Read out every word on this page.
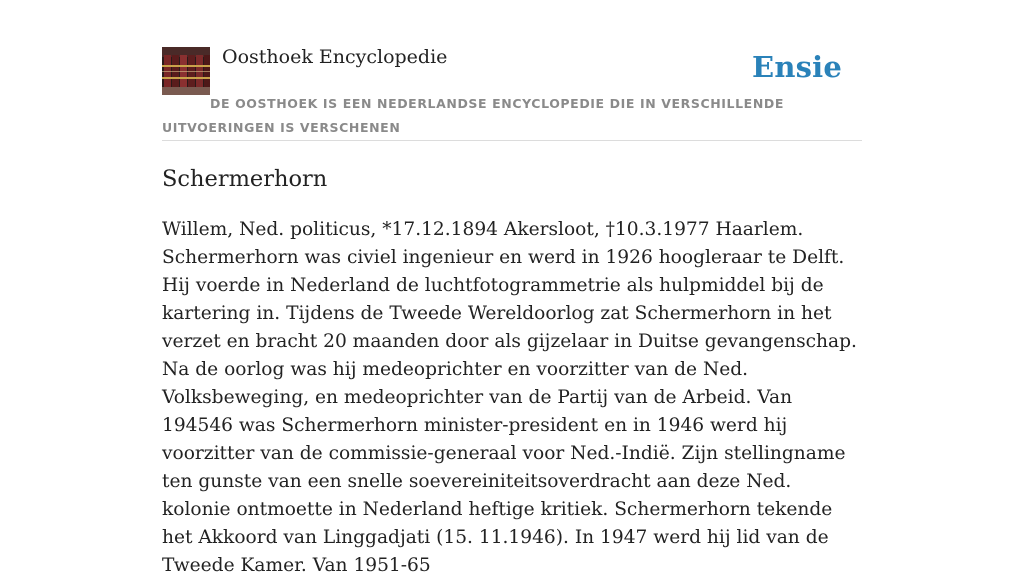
Oosthoek Encyclopedie	Ensie
DE OOSTHOEK IS EEN NEDERLANDSE ENCYCLOPEDIE DIE IN VERSCHILLENDE UITVOERINGEN IS VERSCHENEN
Schermerhorn

Willem, Ned. politicus, *17.12.1894 Akersloot, †10.3.1977 Haarlem. Schermerhorn was civiel ingenieur en werd in 1926 hoogleraar te Delft. Hij voerde in Nederland de luchtfotogrammetrie als hulpmiddel bij de kartering in. Tijdens de Tweede Wereldoorlog zat Schermerhorn in het verzet en bracht 20 maanden door als gijzelaar in Duitse gevangenschap. Na de oorlog was hij medeoprichter en voorzitter van de Ned. Volksbeweging, en medeoprichter van de Partij van de Arbeid. Van 194546 was Schermerhorn minister-president en in 1946 werd hij voorzitter van de commissie-generaal voor Ned.-Indië. Zijn stellingname ten gunste van een snelle soevereiniteitsoverdracht aan deze Ned. kolonie ontmoette in Nederland heftige kritiek. Schermerhorn tekende het Akkoord van Linggadjati (15. 11.1946). In 1947 werd hij lid van de Tweede Kamer. Van 1951-65
